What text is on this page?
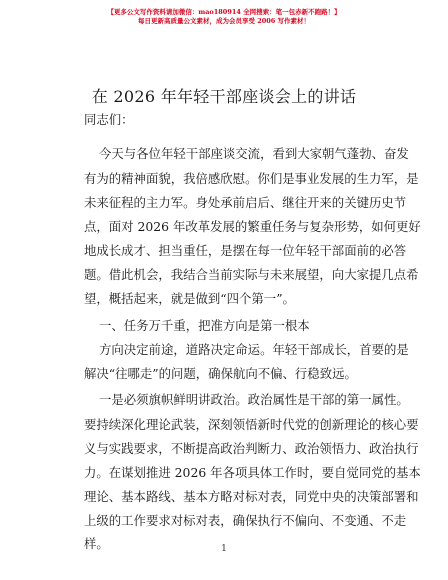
【更多公文写作资料请加微信：mao180914 全网搜索：笔一包赤新不跑路！】
每日更新高质量公文素材，成为会员享受 2006 写作素材！
在 2026 年年轻干部座谈会上的讲话
同志们：
今天与各位年轻干部座谈交流，看到大家朝气蓬勃、奋发
有为的精神面貌，我倍感欣慰。你们是事业发展的生力军，是
未来征程的主力军。身处承前启后、继往开来的关键历史节
点，面对 2026 年改革发展的繁重任务与复杂形势，如何更好
地成长成才、担当重任，是摆在每一位年轻干部面前的必答
题。借此机会，我结合当前实际与未来展望，向大家提几点希
望，概括起来，就是做到“四个第一”。
一、任务万千重，把准方向是第一根本
方向决定前途，道路决定命运。年轻干部成长，首要的是
解决“往哪走”的问题，确保航向不偏、行稳致远。
一是必须旗帜鲜明讲政治。政治属性是干部的第一属性。
要持续深化理论武装，深刻领悟新时代党的创新理论的核心要
义与实践要求，不断提高政治判断力、政治领悟力、政治执行
力。在谋划推进 2026 年各项具体工作时，要自觉同党的基本
理论、基本路线、基本方略对标对表，同党中央的决策部署和
上级的工作要求对标对表，确保执行不偏向、不变通、不走
样。	1
